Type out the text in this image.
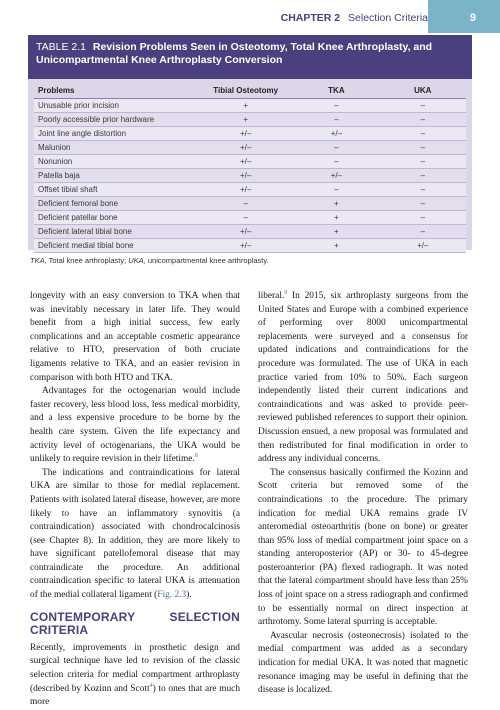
CHAPTER 2 Selection Criteria	9
TABLE 2.1 Revision Problems Seen in Osteotomy, Total Knee Arthroplasty, and Unicompartmental Knee Arthroplasty Conversion
Problems	Tibial Osteotomy	TKA	UKA
Unusable prior incision	+	–	–
Poorly accessible prior hardware	+	–	–
Joint line angle distortion	+/–	+/–	–
Malunion	+/–	–	–
Nonunion	+/–	–	–
Patella baja	+/–	+/–	–
Offset tibial shaft	+/–	–	–
Deficient femoral bone	–	+	–
Deficient patellar bone	–	+	–
Deficient lateral tibial bone	+/–	+	–
Deficient medial tibial bone	+/–	+	+/–
TKA, Total knee arthroplasty; UKA, unicompartmental knee arthroplasty.

longevity with an easy conversion to TKA when that was inevitably necessary in later life. They would benefit from a high initial success, few early complications and an acceptable cosmetic appearance relative to HTO, preservation of both cruciate ligaments relative to TKA, and an easier revision in comparison with both HTO and TKA.

Advantages for the octogenarian would include faster recovery, less blood loss, less medical morbidity, and a less expensive procedure to be borne by the health care system. Given the life expectancy and activity level of octogenarians, the UKA would be unlikely to require revision in their lifetime.$^8$

The indications and contraindications for lateral UKA are similar to those for medial replacement. Patients with isolated lateral disease, however, are more likely to have an inflammatory synovitis (a contraindication) associated with chondrocalcinosis (see Chapter 8). In addition, they are more likely to have significant patellofemoral disease that may contraindicate the procedure. An additional contraindication specific to lateral UKA is attenuation of the medial collateral ligament (Fig. 2.3).

CONTEMPORARY SELECTION CRITERIA

Recently, improvements in prosthetic design and surgical technique have led to revision of the classic selection criteria for medial compartment arthroplasty (described by Kozinn and Scott$^4$) to ones that are much more

liberal.$^9$ In 2015, six arthroplasty surgeons from the United States and Europe with a combined experience of performing over 8000 unicompartmental replacements were surveyed and a consensus for updated indications and contraindications for the procedure was formulated. The use of UKA in each practice varied from 10% to 50%. Each surgeon independently listed their current indications and contraindications and was asked to provide peer-reviewed published references to support their opinion. Discussion ensued, a new proposal was formulated and then redistributed for final modification in order to address any individual concerns.

The consensus basically confirmed the Kozinn and Scott criteria but removed some of the contraindications to the procedure. The primary indication for medial UKA remains grade IV anteromedial osteoarthritis (bone on bone) or greater than 95% loss of medial compartment joint space on a standing anteroposterior (AP) or 30- to 45-degree posteroanterior (PA) flexed radiograph. It was noted that the lateral compartment should have less than 25% loss of joint space on a stress radiograph and confirmed to be essentially normal on direct inspection at arthrotomy. Some lateral spurring is acceptable.

Avascular necrosis (osteonecrosis) isolated to the medial compartment was added as a secondary indication for medial UKA. It was noted that magnetic resonance imaging may be useful in defining that the disease is localized.
